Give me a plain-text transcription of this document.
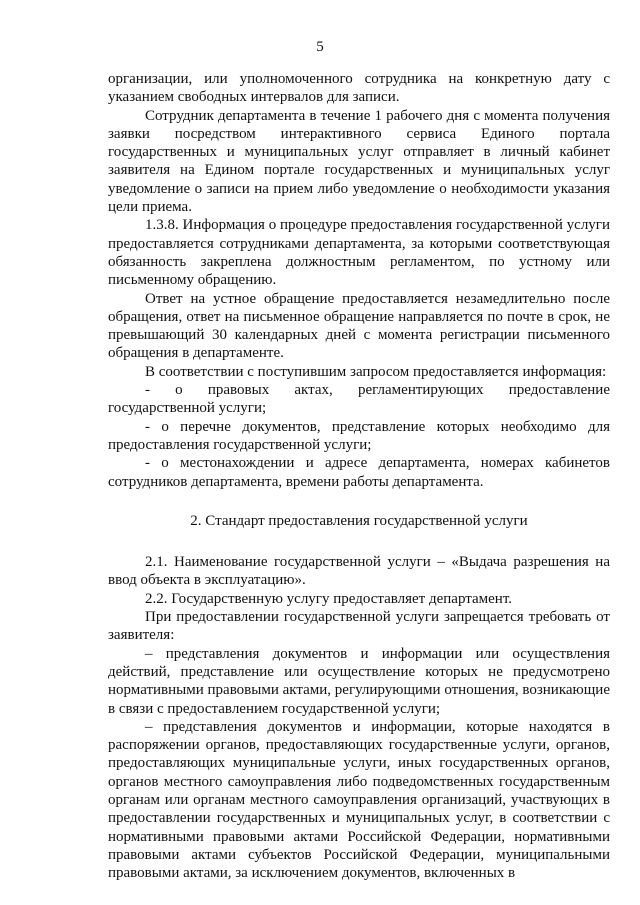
5

организации, или уполномоченного сотрудника на конкретную дату с указанием свободных интервалов для записи.

Сотрудник департамента в течение 1 рабочего дня с момента получения заявки посредством интерактивного сервиса Единого портала государственных и муниципальных услуг отправляет в личный кабинет заявителя на Едином портале государственных и муниципальных услуг уведомление о записи на прием либо уведомление о необходимости указания цели приема.

1.3.8. Информация о процедуре предоставления государственной услуги предоставляется сотрудниками департамента, за которыми соответствующая обязанность закреплена должностным регламентом, по устному или письменному обращению.

Ответ на устное обращение предоставляется незамедлительно после обращения, ответ на письменное обращение направляется по почте в срок, не превышающий 30 календарных дней с момента регистрации письменного обращения в департаменте.

В соответствии с поступившим запросом предоставляется информация:

- о правовых актах, регламентирующих предоставление государственной услуги;

- о перечне документов, представление которых необходимо для предоставления государственной услуги;

- о местонахождении и адресе департамента, номерах кабинетов сотрудников департамента, времени работы департамента.

2. Стандарт предоставления государственной услуги

2.1. Наименование государственной услуги – «Выдача разрешения на ввод объекта в эксплуатацию».

2.2. Государственную услугу предоставляет департамент.

При предоставлении государственной услуги запрещается требовать от заявителя:

– представления документов и информации или осуществления действий, представление или осуществление которых не предусмотрено нормативными правовыми актами, регулирующими отношения, возникающие в связи с предоставлением государственной услуги;

– представления документов и информации, которые находятся в распоряжении органов, предоставляющих государственные услуги, органов, предоставляющих муниципальные услуги, иных государственных органов, органов местного самоуправления либо подведомственных государственным органам или органам местного самоуправления организаций, участвующих в предоставлении государственных и муниципальных услуг, в соответствии с нормативными правовыми актами Российской Федерации, нормативными правовыми актами субъектов Российской Федерации, муниципальными правовыми актами, за исключением документов, включенных в
